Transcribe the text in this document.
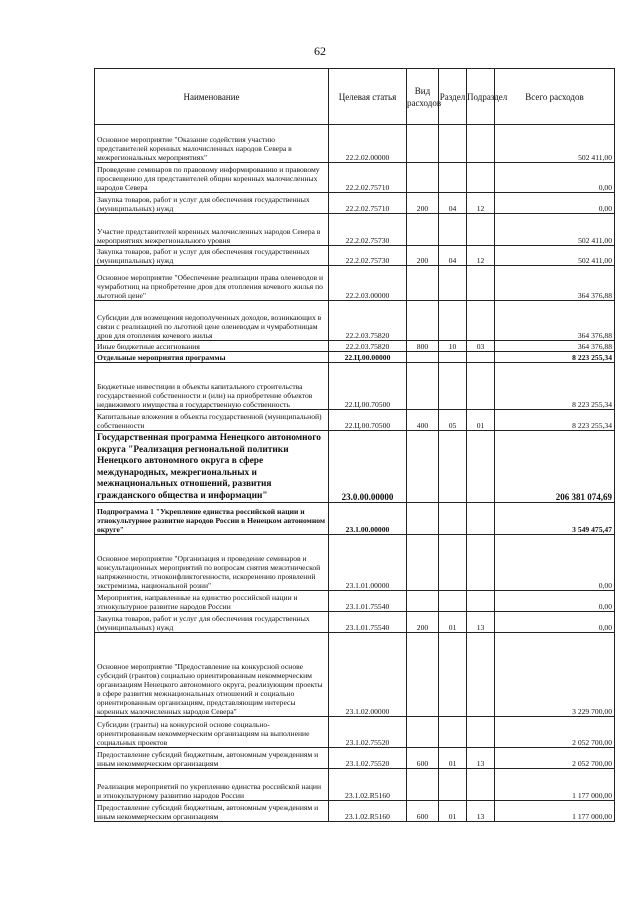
62
Наименование	Целевая статья	Вид расходов	Раздел	Подраздел	Всего расходов
Основное мероприятие "Оказание содействия участию представителей коренных малочисленных народов Севера в межрегиональных мероприятиях"	22.2.02.00000				502 411,00
Проведение семинаров по правовому информированию и правовому просвещению для представителей общин коренных малочисленных народов Севера	22.2.02.75710				0,00
Закупка товаров, работ и услуг для обеспечения государственных (муниципальных) нужд	22.2.02.75710	200	04	12	0,00
Участие представителей коренных малочисленных народов Севера в мероприятиях межрегионального уровня	22.2.02.75730				502 411,00
Закупка товаров, работ и услуг для обеспечения государственных (муниципальных) нужд	22.2.02.75730	200	04	12	502 411,00
Основное мероприятие "Обеспечение реализации права оленеводов и чумработниц на приобретение дров для отопления кочевого жилья по льготной цене"	22.2.03.00000				364 376,88
Субсидии для возмещения недополученных доходов, возникающих в связи с реализацией по льготной цене оленеводам и чумработницам дров для отопления кочевого жилья	22.2.03.75820				364 376,88
Иные бюджетные ассигнования	22.2.03.75820	800	10	03	364 376,88
Отдельные мероприятия программы	22.Ц.00.00000				8 223 255,34
Бюджетные инвестиции в объекты капитального строительства государственной собственности и (или) на приобретение объектов недвижимого имущества в государственную собственность	22.Ц.00.70500				8 223 255,34
Капитальные вложения в объекты государственной (муниципальной) собственности	22.Ц.00.70500	400	05	01	8 223 255,34
Государственная программа Ненецкого автономного округа "Реализация региональной политики Ненецкого автономного округа в сфере международных, межрегиональных и межнациональных отношений, развития гражданского общества и информации"	23.0.00.00000				206 381 074,69
Подпрограмма 1 "Укрепление единства российской нации и этнокультурное развитие народов России в Ненецком автономном округе"	23.1.00.00000				3 549 475,47
Основное мероприятие "Организация и проведение семинаров и консультационных мероприятий по вопросам снятия межэтнической напряженности, этноконфликтогенности, искоренению проявлений экстремизма, национальной розни"	23.1.01.00000				0,00
Мероприятия, направленные на единство российской нации и этнокультурное развитие народов России	23.1.01.75540				0,00
Закупка товаров, работ и услуг для обеспечения государственных (муниципальных) нужд	23.1.01.75540	200	01	13	0,00
Основное мероприятие "Предоставление на конкурсной основе субсидий (грантов) социально ориентированным некоммерческим организациям Ненецкого автономного округа, реализующим проекты в сфере развития межнациональных отношений и социально ориентированным организациям, представляющим интересы коренных малочисленных народов Севера"	23.1.02.00000				3 229 700,00
Субсидии (гранты) на конкурсной основе социально-ориентированным некоммерческим организациям на выполнение социальных проектов	23.1.02.75520				2 052 700,00
Предоставление субсидий бюджетным, автономным учреждениям и иным некоммерческим организациям	23.1.02.75520	600	01	13	2 052 700,00
Реализация мероприятий по укреплению единства российской нации и этнокультурному развитию народов России	23.1.02.R5160				1 177 000,00
Предоставление субсидий бюджетным, автономным учреждениям и иным некоммерческим организациям	23.1.02.R5160	600	01	13	1 177 000,00
